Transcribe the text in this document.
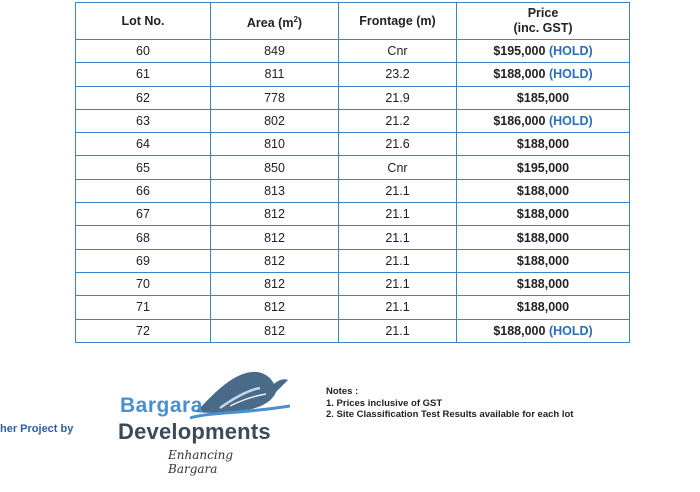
Lot No.	Area $(m^2)$	Frontage (m)	Price
(inc. GST)
60	849	Cnr	$195,000 (HOLD)
61	811	23.2	$188,000 (HOLD)
62	778	21.9	$185,000
63	802	21.2	$186,000 (HOLD)
64	810	21.6	$188,000
65	850	Cnr	$195,000
66	813	21.1	$188,000
67	812	21.1	$188,000
68	812	21.1	$188,000
69	812	21.1	$188,000
70	812	21.1	$188,000
71	812	21.1	$188,000
72	812	21.1	$188,000 (HOLD)
her Project by
Bargara
Developments
Enhancing Bargara
Notes :
1. Prices inclusive of GST
2. Site Classification Test Results available for each lot
